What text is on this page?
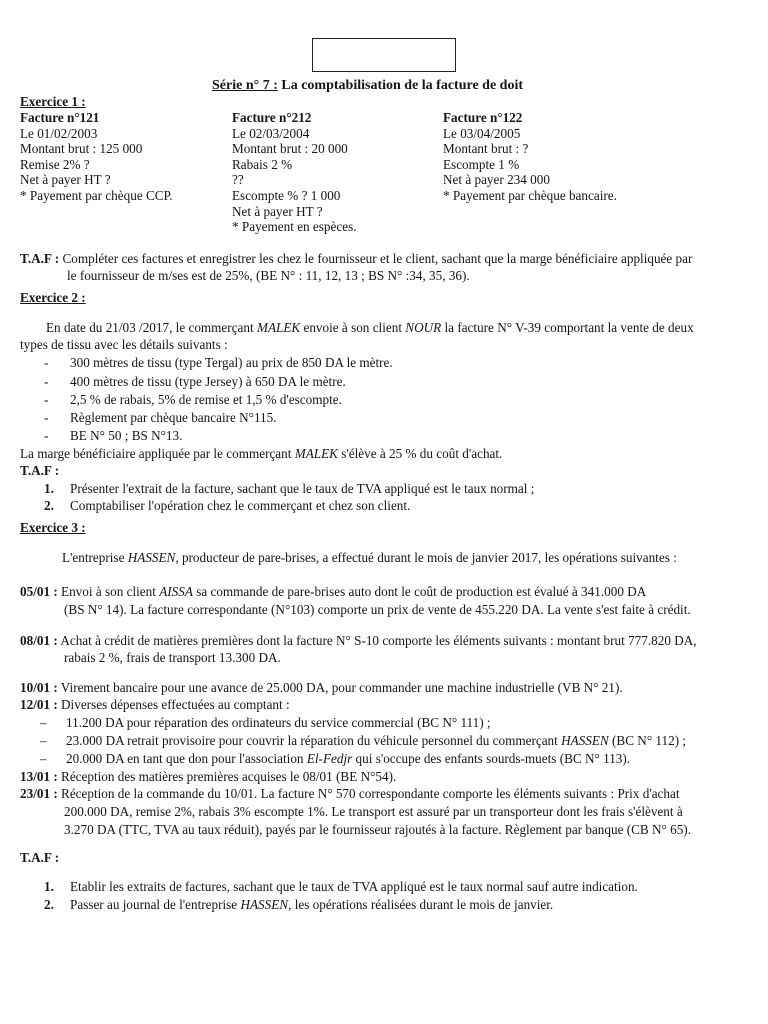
Série n° 7 : La comptabilisation de la facture de doit
Exercice 1 :
Facture n°121
Le 01/02/2003
Montant brut : 125 000
Remise 2% ?
Net à payer HT ?
* Payement par chèque CCP.
Facture n°212
Le 02/03/2004
Montant brut : 20 000
Rabais 2 %
??
Escompte % ? 1 000
Net à payer HT ?
* Payement en espèces.
Facture n°122
Le 03/04/2005
Montant brut : ?
Escompte 1 %
Net à payer 234 000
* Payement par chèque bancaire.
T.A.F : Compléter ces factures et enregistrer les chez le fournisseur et le client, sachant que la marge bénéficiaire appliquée par
le fournisseur de m/ses est de 25%, (BE N° : 11, 12, 13 ; BS N° :34, 35, 36).
Exercice 2 :
En date du 21/03 /2017, le commerçant MALEK envoie à son client NOUR la facture N° V-39 comportant la vente de deux
types de tissu avec les détails suivants :
- 300 mètres de tissu (type Tergal) au prix de 850 DA le mètre.
- 400 mètres de tissu (type Jersey) à 650 DA le mètre.
- 2,5 % de rabais, 5% de remise et 1,5 % d'escompte.
- Règlement par chèque bancaire N°115.
- BE N° 50 ; BS N°13.
La marge bénéficiaire appliquée par le commerçant MALEK s'élève à 25 % du coût d'achat.
T.A.F :
1. Présenter l'extrait de la facture, sachant que le taux de TVA appliqué est le taux normal ;
2. Comptabiliser l'opération chez le commerçant et chez son client.
Exercice 3 :
L'entreprise HASSEN, producteur de pare-brises, a effectué durant le mois de janvier 2017, les opérations suivantes :
05/01 : Envoi à son client AISSA sa commande de pare-brises auto dont le coût de production est évalué à 341.000 DA
(BS N° 14). La facture correspondante (N°103) comporte un prix de vente de 455.220 DA. La vente s'est faite à crédit.
08/01 : Achat à crédit de matières premières dont la facture N° S-10 comporte les éléments suivants : montant brut 777.820 DA,
rabais 2 %, frais de transport 13.300 DA.
10/01 : Virement bancaire pour une avance de 25.000 DA, pour commander une machine industrielle (VB N° 21).
12/01 : Diverses dépenses effectuées au comptant :
– 11.200 DA pour réparation des ordinateurs du service commercial (BC N° 111) ;
– 23.000 DA retrait provisoire pour couvrir la réparation du véhicule personnel du commerçant HASSEN (BC N° 112) ;
– 20.000 DA en tant que don pour l'association El-Fedjr qui s'occupe des enfants sourds-muets (BC N° 113).
13/01 : Réception des matières premières acquises le 08/01 (BE N°54).
23/01 : Réception de la commande du 10/01. La facture N° 570 correspondante comporte les éléments suivants : Prix d'achat
200.000 DA, remise 2%, rabais 3% escompte 1%. Le transport est assuré par un transporteur dont les frais s'élèvent à
3.270 DA (TTC, TVA au taux réduit), payés par le fournisseur rajoutés à la facture. Règlement par banque (CB N° 65).
T.A.F :
1. Etablir les extraits de factures, sachant que le taux de TVA appliqué est le taux normal sauf autre indication.
2. Passer au journal de l'entreprise HASSEN, les opérations réalisées durant le mois de janvier.
